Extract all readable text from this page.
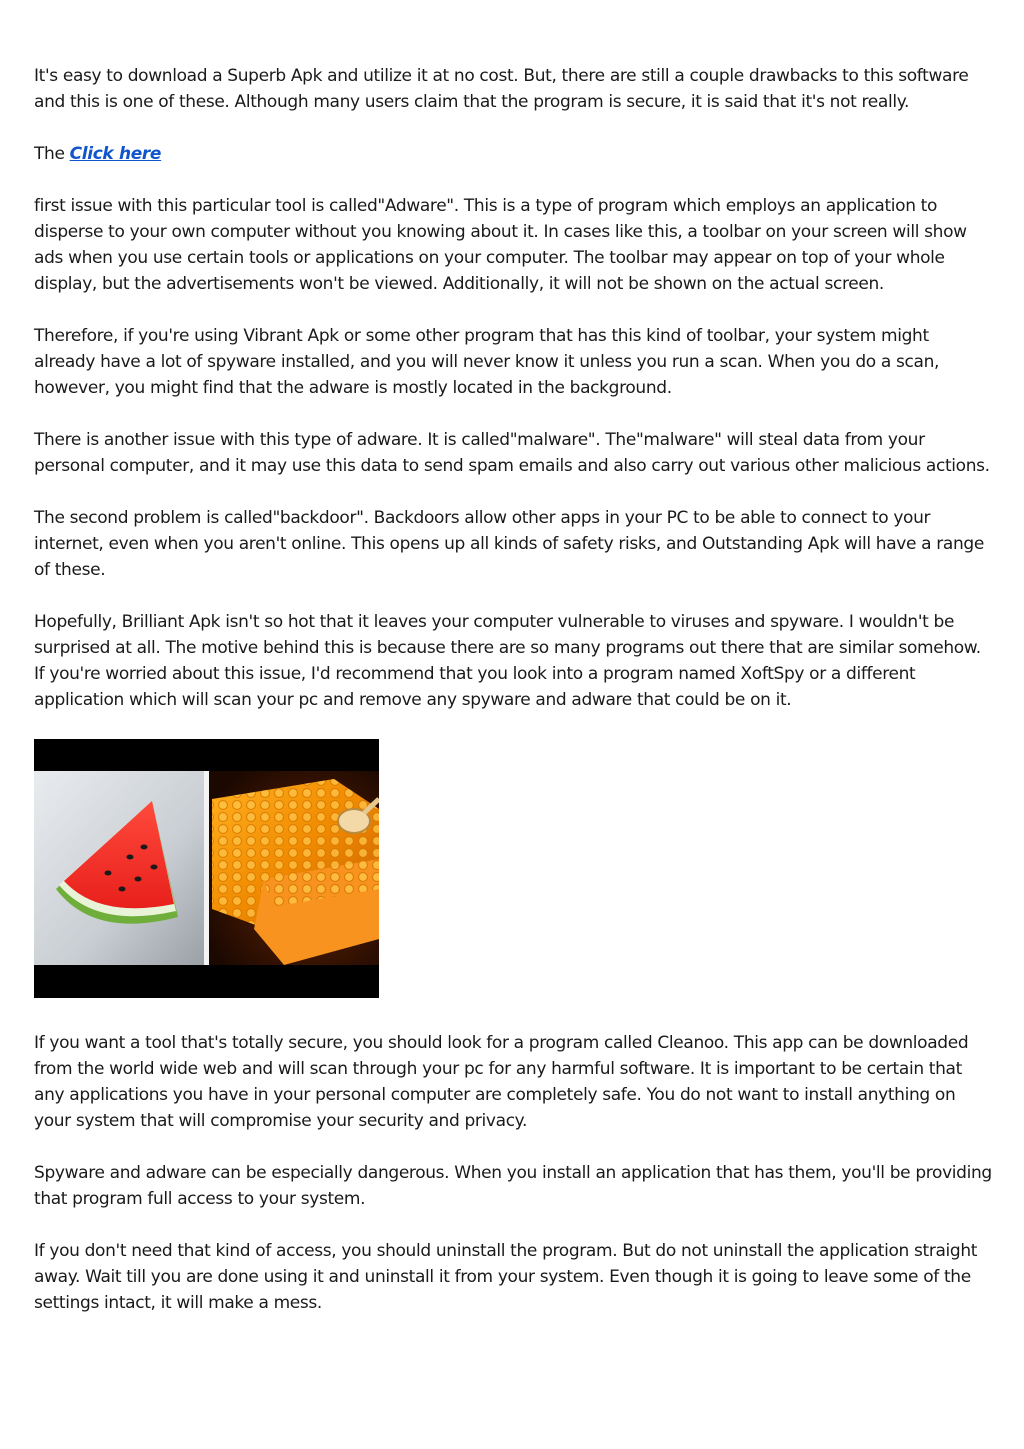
It's easy to download a Superb Apk and utilize it at no cost. But, there are still a couple drawbacks to this software and this is one of these. Although many users claim that the program is secure, it is said that it's not really.

The Click here

first issue with this particular tool is called"Adware". This is a type of program which employs an application to disperse to your own computer without you knowing about it. In cases like this, a toolbar on your screen will show ads when you use certain tools or applications on your computer. The toolbar may appear on top of your whole display, but the advertisements won't be viewed. Additionally, it will not be shown on the actual screen.

Therefore, if you're using Vibrant Apk or some other program that has this kind of toolbar, your system might already have a lot of spyware installed, and you will never know it unless you run a scan. When you do a scan, however, you might find that the adware is mostly located in the background.

There is another issue with this type of adware. It is called"malware". The"malware" will steal data from your personal computer, and it may use this data to send spam emails and also carry out various other malicious actions.

The second problem is called"backdoor". Backdoors allow other apps in your PC to be able to connect to your internet, even when you aren't online. This opens up all kinds of safety risks, and Outstanding Apk will have a range of these.

Hopefully, Brilliant Apk isn't so hot that it leaves your computer vulnerable to viruses and spyware. I wouldn't be surprised at all. The motive behind this is because there are so many programs out there that are similar somehow. If you're worried about this issue, I'd recommend that you look into a program named XoftSpy or a different application which will scan your pc and remove any spyware and adware that could be on it.

If you want a tool that's totally secure, you should look for a program called Cleanoo. This app can be downloaded from the world wide web and will scan through your pc for any harmful software. It is important to be certain that any applications you have in your personal computer are completely safe. You do not want to install anything on your system that will compromise your security and privacy.

Spyware and adware can be especially dangerous. When you install an application that has them, you'll be providing that program full access to your system.

If you don't need that kind of access, you should uninstall the program. But do not uninstall the application straight away. Wait till you are done using it and uninstall it from your system. Even though it is going to leave some of the settings intact, it will make a mess.
